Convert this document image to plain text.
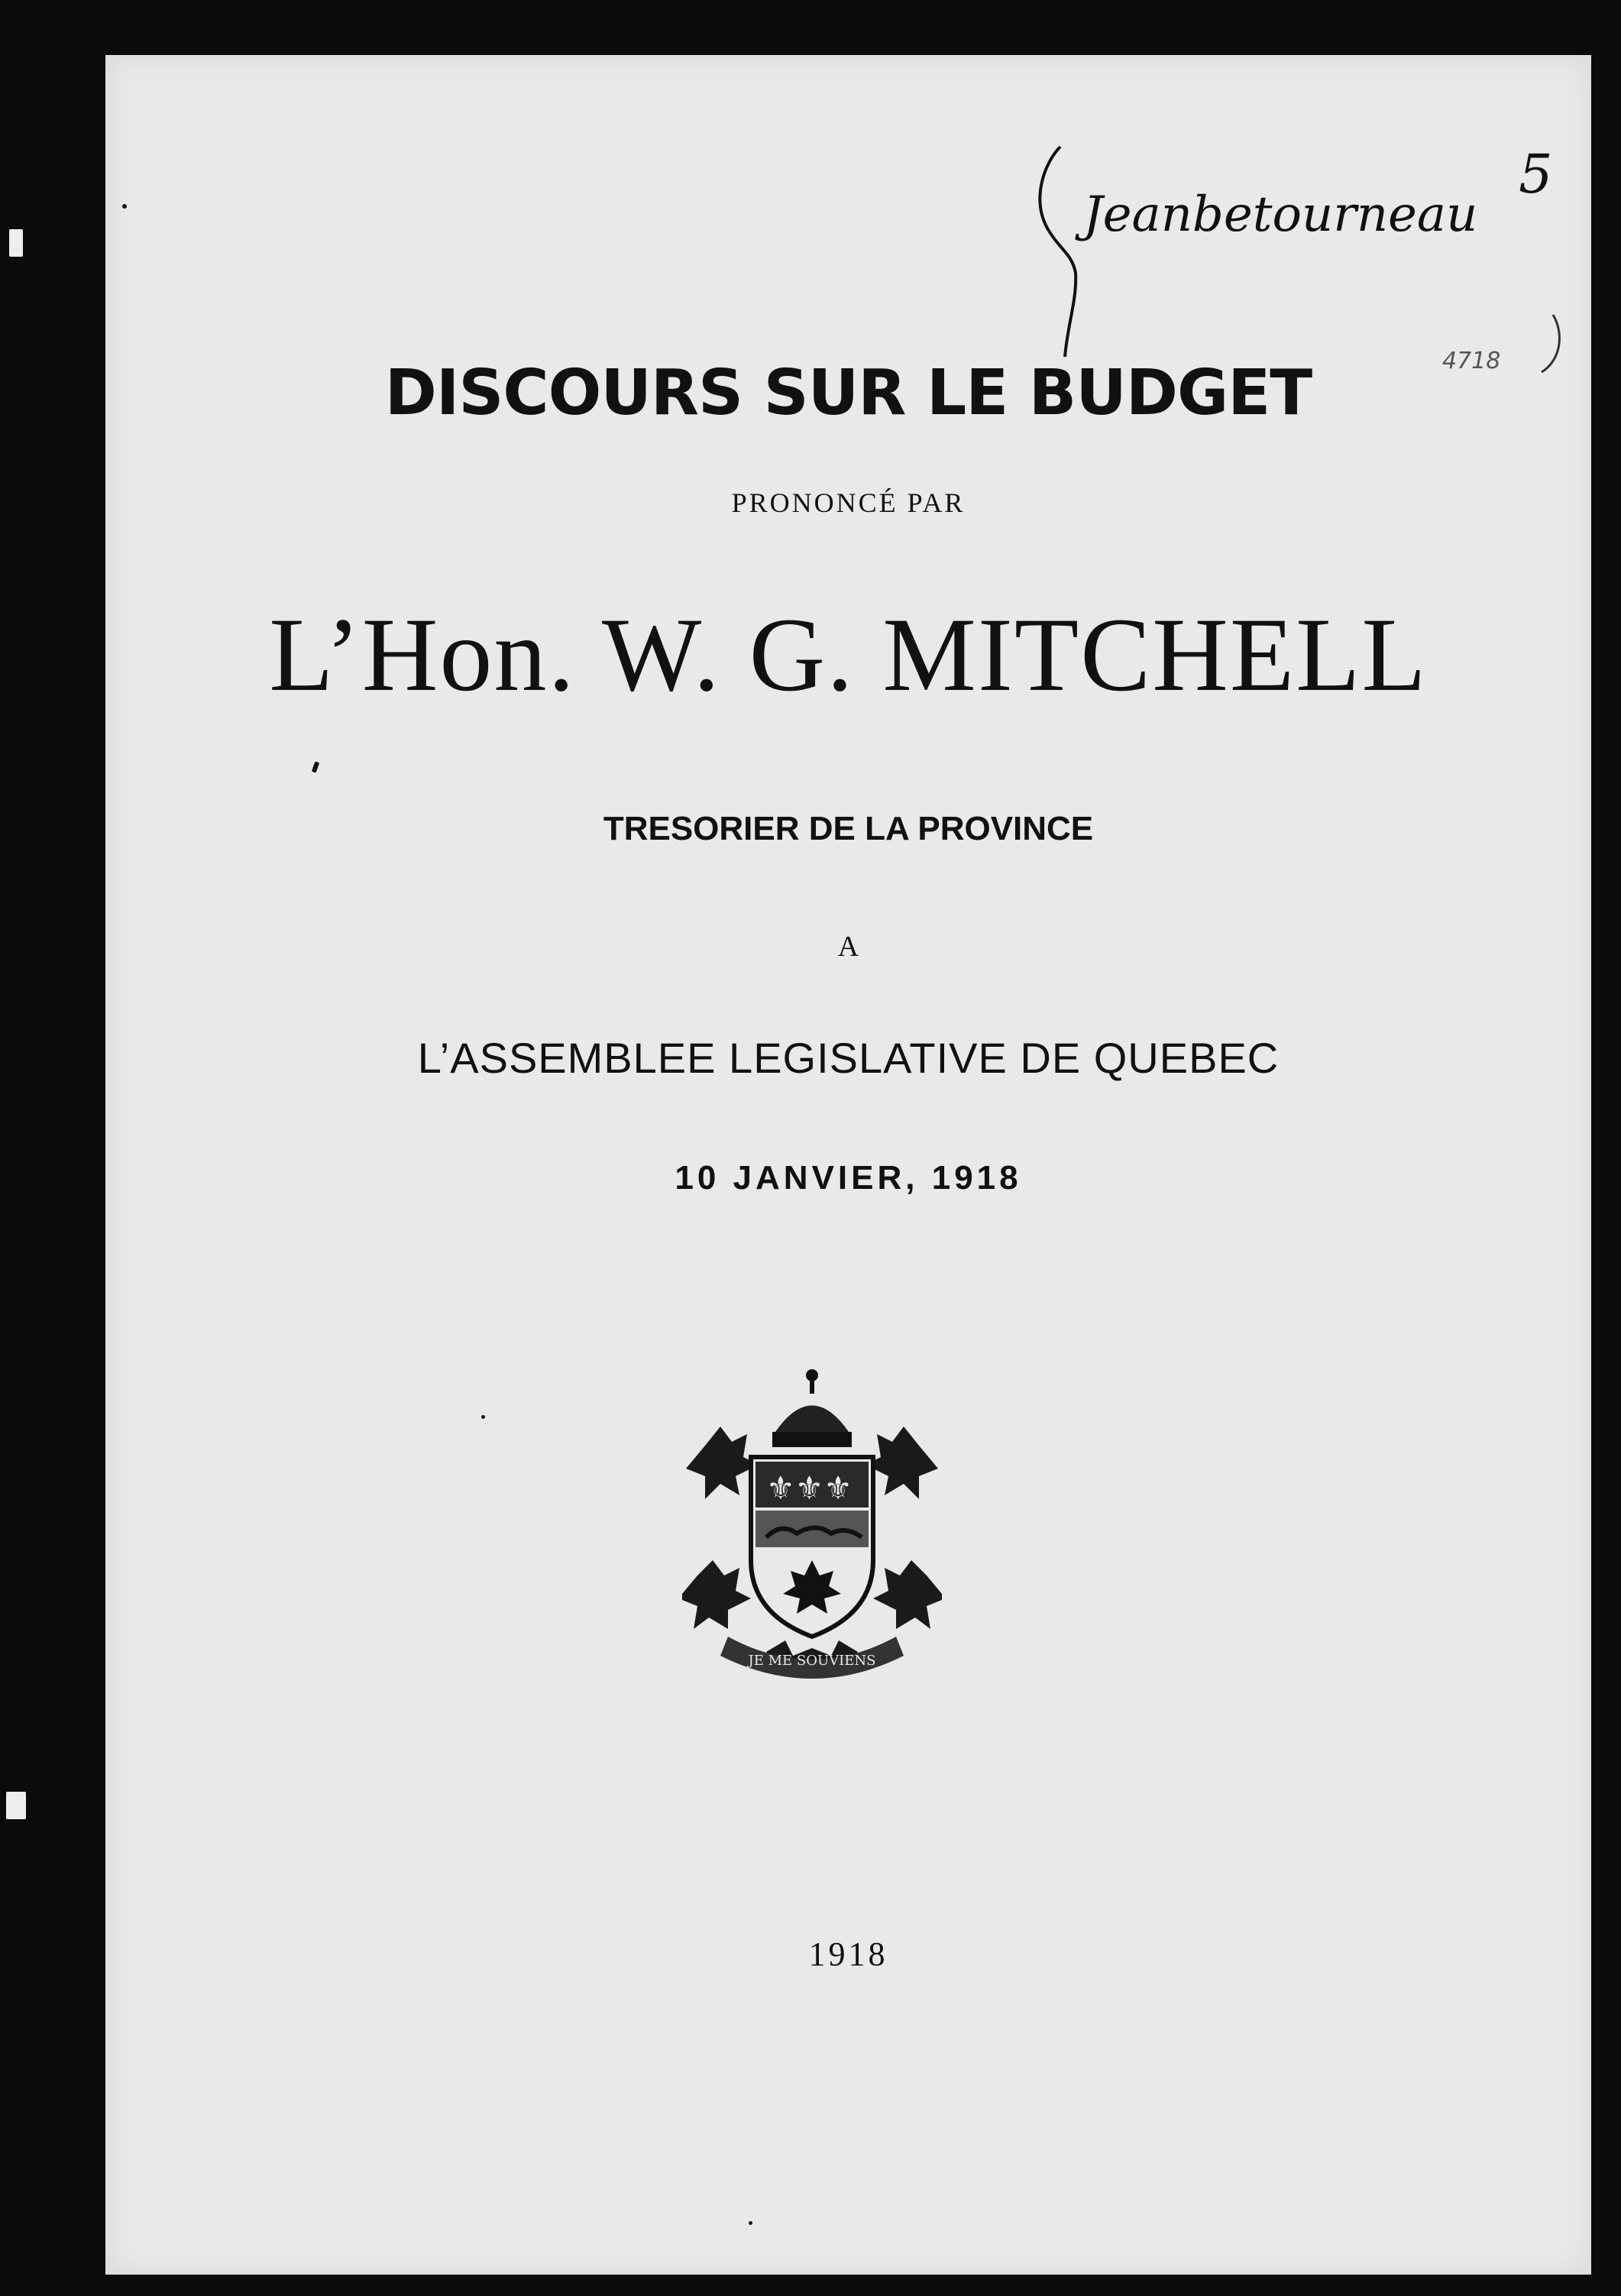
Jeanbetourneau
5
4718
DISCOURS SUR LE BUDGET
PRONONCÉ PAR
L’Hon. W. G. MITCHELL
TRESORIER DE LA PROVINCE
A
L’ASSEMBLEE LEGISLATIVE DE QUEBEC
10 JANVIER, 1918
⚜⚜⚜
JE ME SOUVIENS
1918
